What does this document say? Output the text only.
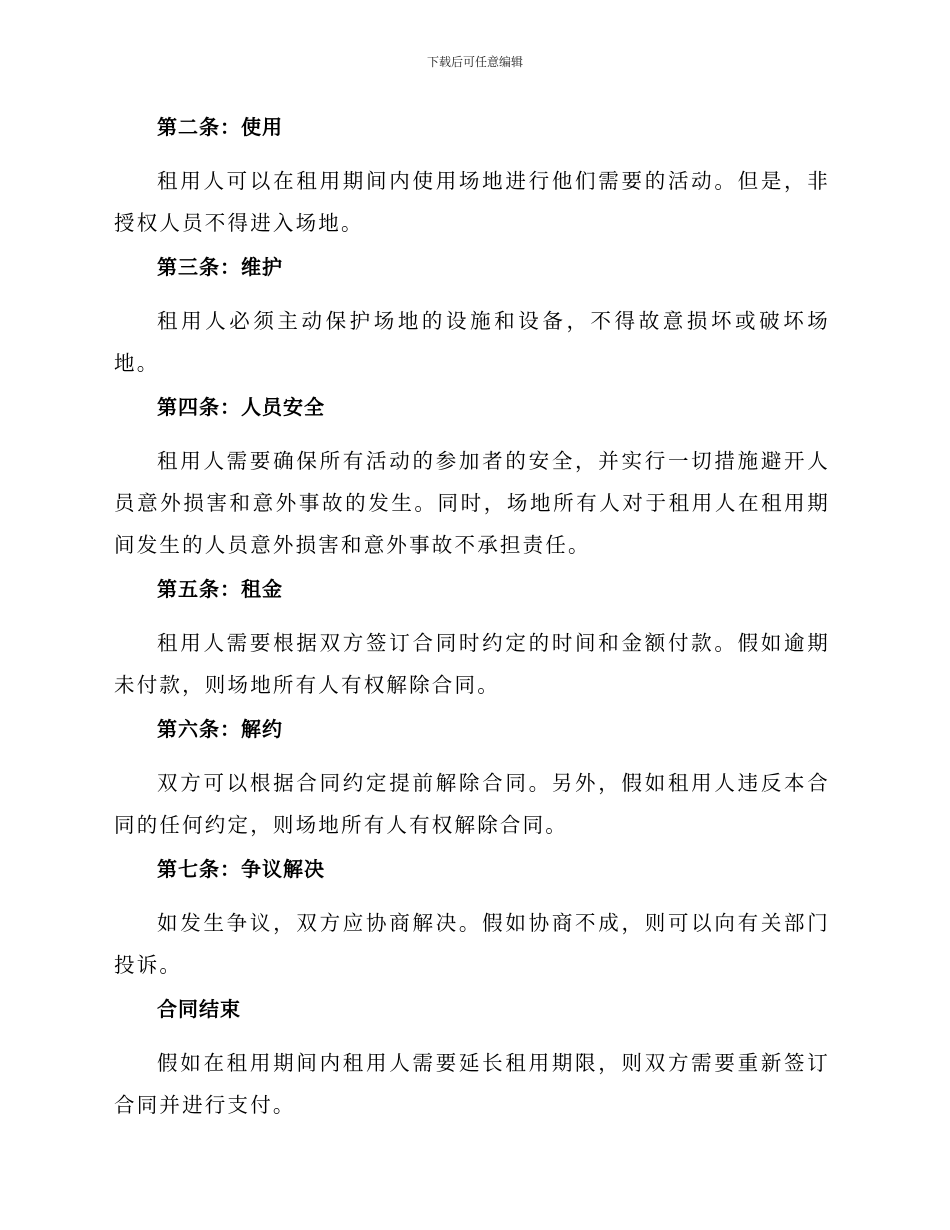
下载后可任意编辑
第二条：使用

租用人可以在租用期间内使用场地进行他们需要的活动。但是，非授权人员不得进入场地。

第三条：维护

租用人必须主动保护场地的设施和设备，不得故意损坏或破坏场地。

第四条：人员安全

租用人需要确保所有活动的参加者的安全，并实行一切措施避开人员意外损害和意外事故的发生。同时，场地所有人对于租用人在租用期间发生的人员意外损害和意外事故不承担责任。

第五条：租金

租用人需要根据双方签订合同时约定的时间和金额付款。假如逾期未付款，则场地所有人有权解除合同。

第六条：解约

双方可以根据合同约定提前解除合同。另外，假如租用人违反本合同的任何约定，则场地所有人有权解除合同。

第七条：争议解决

如发生争议，双方应协商解决。假如协商不成，则可以向有关部门投诉。

合同结束

假如在租用期间内租用人需要延长租用期限，则双方需要重新签订合同并进行支付。
